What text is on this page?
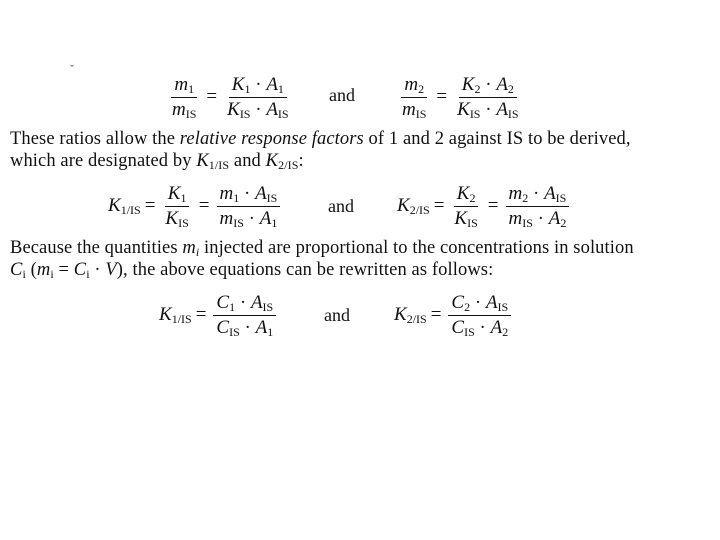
ˇ
$\frac{m_1}{m_{IS}} = \frac{K_1 \cdot A_1}{K_{IS} \cdot A_{IS}}$ and $\frac{m_2}{m_{IS}} = \frac{K_2 \cdot A_2}{K_{IS} \cdot A_{IS}}$
These ratios allow the relative response factors of 1 and 2 against IS to be derived,
which are designated by $K_{1/IS}$ and $K_{2/IS}$:
$K_{1/IS} = \frac{K_1}{K_{IS}} = \frac{m_1 \cdot A_{IS}}{m_{IS} \cdot A_1}$	and $K_{2/IS} = \frac{K_2}{K_{IS}} = \frac{m_2 \cdot A_{IS}}{m_{IS} \cdot A_2}$
Because the quantities $m_i$ injected are proportional to the concentrations in solution
$C_i$ $(m_i = C_i \cdot V)$, the above equations can be rewritten as follows:
$K_{1/IS} = \frac{C_1 \cdot A_{IS}}{C_{IS} \cdot A_1}$	and $K_{2/IS} = \frac{C_2 \cdot A_{IS}}{C_{IS} \cdot A_2}$
